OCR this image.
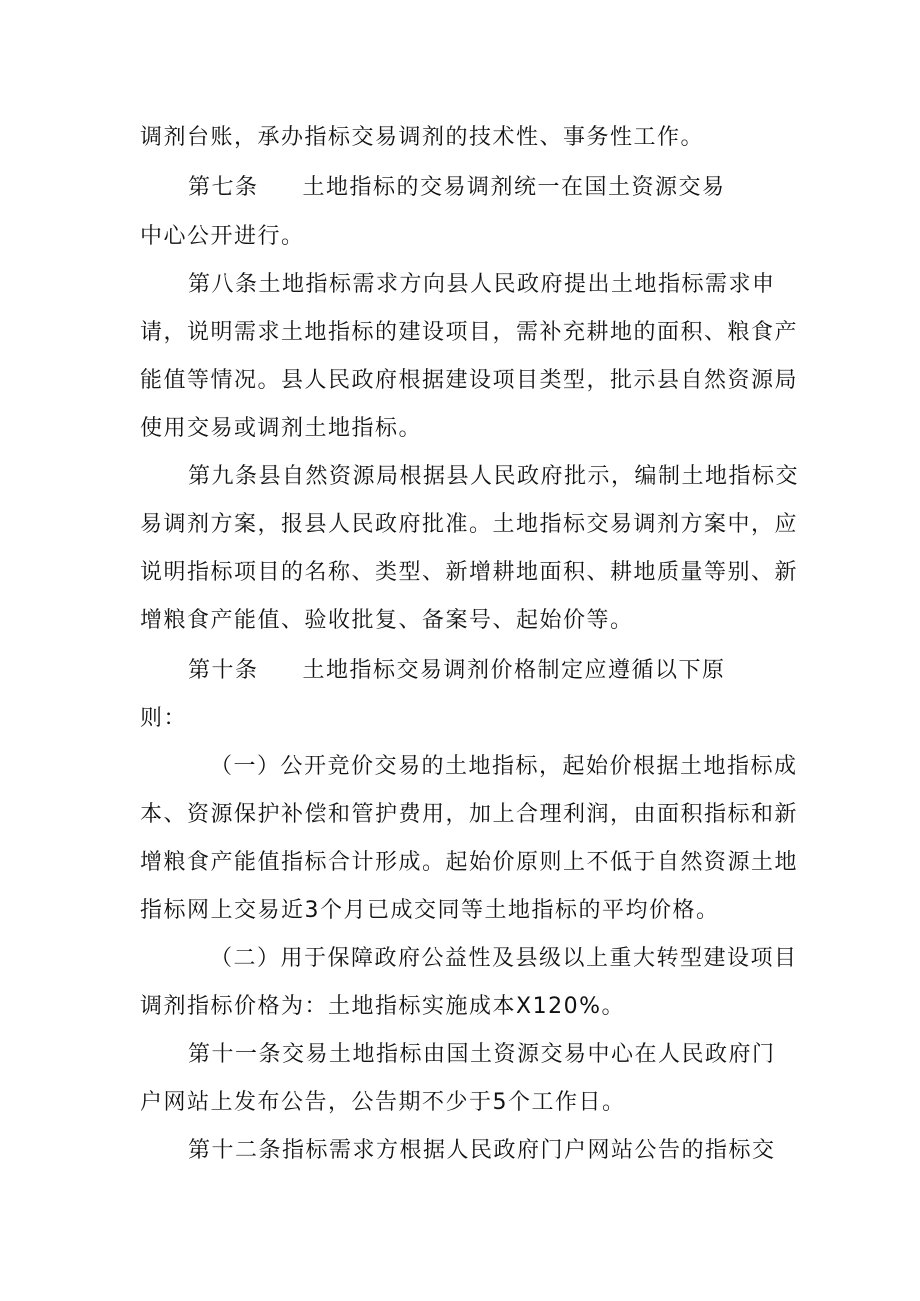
调剂台账，承办指标交易调剂的技术性、事务性工作。
第七条 土地指标的交易调剂统一在国土资源交易
中心公开进行。
第八条土地指标需求方向县人民政府提出土地指标需求申
请，说明需求土地指标的建设项目，需补充耕地的面积、粮食产
能值等情况。县人民政府根据建设项目类型，批示县自然资源局
使用交易或调剂土地指标。
第九条县自然资源局根据县人民政府批示，编制土地指标交
易调剂方案，报县人民政府批准。土地指标交易调剂方案中，应
说明指标项目的名称、类型、新增耕地面积、耕地质量等别、新
增粮食产能值、验收批复、备案号、起始价等。
第十条 土地指标交易调剂价格制定应遵循以下原
则：
（一）公开竞价交易的土地指标，起始价根据土地指标成
本、资源保护补偿和管护费用，加上合理利润，由面积指标和新
增粮食产能值指标合计形成。起始价原则上不低于自然资源土地
指标网上交易近3个月已成交同等土地指标的平均价格。
（二）用于保障政府公益性及县级以上重大转型建设项目
调剂指标价格为：土地指标实施成本X120%。
第十一条交易土地指标由国土资源交易中心在人民政府门
户网站上发布公告，公告期不少于5个工作日。
第十二条指标需求方根据人民政府门户网站公告的指标交
